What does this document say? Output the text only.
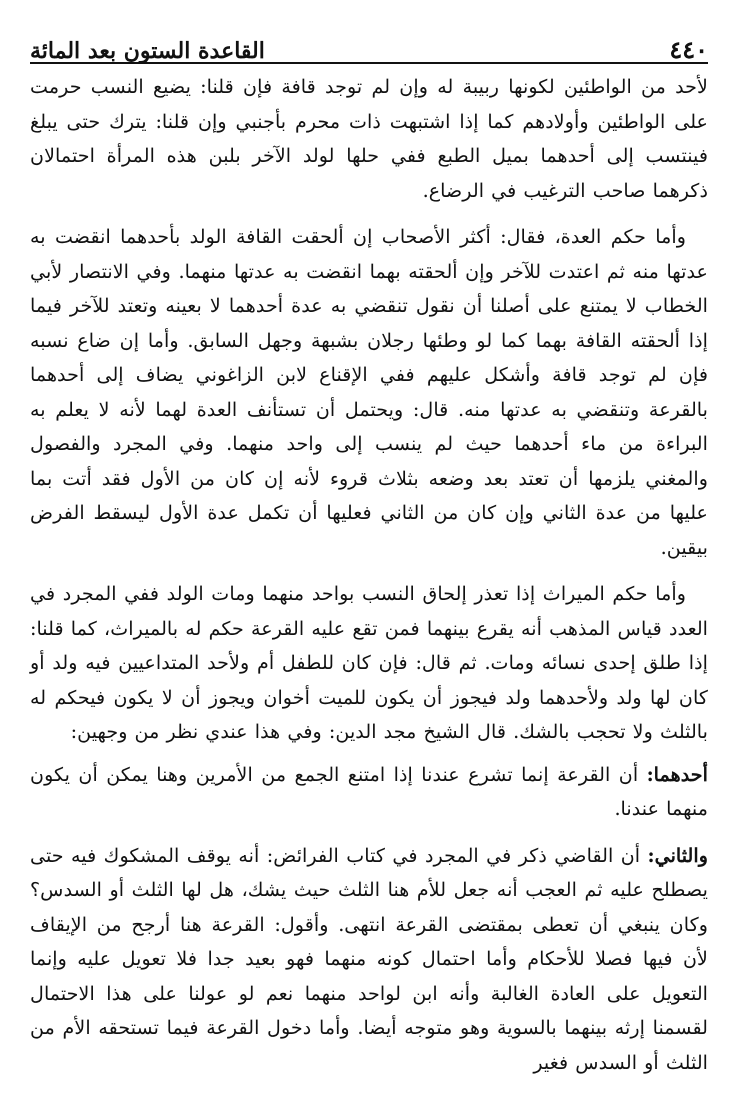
٤٤٠
القاعدة الستون بعد المائة

لأحد من الواطئين لكونها ربيبة له وإن لم توجد قافة فإن قلنا: يضيع النسب حرمت على الواطئين وأولادهم كما إذا اشتبهت ذات محرم بأجنبي وإن قلنا: يترك حتى يبلغ فينتسب إلى أحدهما بميل الطبع ففي حلها لولد الآخر بلبن هذه المرأة احتمالان ذكرهما صاحب الترغيب في الرضاع.

وأما حكم العدة، فقال: أكثر الأصحاب إن ألحقت القافة الولد بأحدهما انقضت به عدتها منه ثم اعتدت للآخر وإن ألحقته بهما انقضت به عدتها منهما. وفي الانتصار لأبي الخطاب لا يمتنع على أصلنا أن نقول تنقضي به عدة أحدهما لا بعينه وتعتد للآخر فيما إذا ألحقته القافة بهما كما لو وطئها رجلان بشبهة وجهل السابق. وأما إن ضاع نسبه فإن لم توجد قافة وأشكل عليهم ففي الإقناع لابن الزاغوني يضاف إلى أحدهما بالقرعة وتنقضي به عدتها منه. قال: ويحتمل أن تستأنف العدة لهما لأنه لا يعلم به البراءة من ماء أحدهما حيث لم ينسب إلى واحد منهما. وفي المجرد والفصول والمغني يلزمها أن تعتد بعد وضعه بثلاث قروء لأنه إن كان من الأول فقد أتت بما عليها من عدة الثاني وإن كان من الثاني فعليها أن تكمل عدة الأول ليسقط الفرض بيقين.

وأما حكم الميراث إذا تعذر إلحاق النسب بواحد منهما ومات الولد ففي المجرد في العدد قياس المذهب أنه يقرع بينهما فمن تقع عليه القرعة حكم له بالميراث، كما قلنا: إذا طلق إحدى نسائه ومات. ثم قال: فإن كان للطفل أم ولأحد المتداعيين فيه ولد أو كان لها ولد ولأحدهما ولد فيجوز أن يكون للميت أخوان ويجوز أن لا يكون فيحكم له بالثلث ولا تحجب بالشك. قال الشيخ مجد الدين: وفي هذا عندي نظر من وجهين:

أحدهما: أن القرعة إنما تشرع عندنا إذا امتنع الجمع من الأمرين وهنا يمكن أن يكون منهما عندنا.

والثاني: أن القاضي ذكر في المجرد في كتاب الفرائض: أنه يوقف المشكوك فيه حتى يصطلح عليه ثم العجب أنه جعل للأم هنا الثلث حيث يشك، هل لها الثلث أو السدس؟ وكان ينبغي أن تعطى بمقتضى القرعة انتهى. وأقول: القرعة هنا أرجح من الإيقاف لأن فيها فصلا للأحكام وأما احتمال كونه منهما فهو بعيد جدا فلا تعويل عليه وإنما التعويل على العادة الغالبة وأنه ابن لواحد منهما نعم لو عولنا على هذا الاحتمال لقسمنا إرثه بينهما بالسوية وهو متوجه أيضا. وأما دخول القرعة فيما تستحقه الأم من الثلث أو السدس فغير
